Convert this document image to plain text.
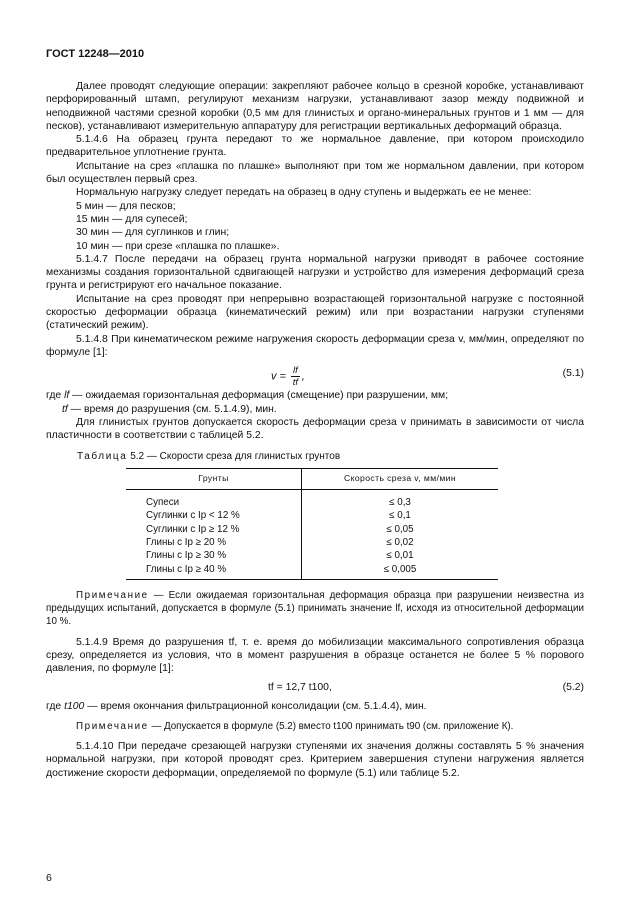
ГОСТ 12248—2010

Далее проводят следующие операции: закрепляют рабочее кольцо в срезной коробке, устанавливают перфорированный штамп, регулируют механизм нагрузки, устанавливают зазор между подвижной и неподвижной частями срезной коробки (0,5 мм для глинистых и органо-минеральных грунтов и 1 мм — для песков), устанавливают измерительную аппаратуру для регистрации вертикальных деформаций образца.

5.1.4.6 На образец грунта передают то же нормальное давление, при котором происходило предварительное уплотнение грунта.

Испытание на срез «плашка по плашке» выполняют при том же нормальном давлении, при котором был осуществлен первый срез.

Нормальную нагрузку следует передать на образец в одну ступень и выдержать ее не менее:

5 мин — для песков;

15 мин — для супесей;

30 мин — для суглинков и глин;

10 мин — при срезе «плашка по плашке».

5.1.4.7 После передачи на образец грунта нормальной нагрузки приводят в рабочее состояние механизмы создания горизонтальной сдвигающей нагрузки и устройство для измерения деформаций среза грунта и регистрируют его начальное показание.

Испытание на срез проводят при непрерывно возрастающей горизонтальной нагрузке с постоянной скоростью деформации образца (кинематический режим) или при возрастании нагрузки ступенями (статический режим).

5.1.4.8 При кинематическом режиме нагружения скорость деформации среза v, мм/мин, определяют по формуле [1]:

$v = \frac{lf}{tf}$ ,	(5.1)

где lf — ожидаемая горизонтальная деформация (смещение) при разрушении, мм;

tf — время до разрушения (см. 5.1.4.9), мин.

Для глинистых грунтов допускается скорость деформации среза v принимать в зависимости от числа пластичности в соответствии с таблицей 5.2.

Таблица 5.2 — Скорости среза для глинистых грунтов
Грунты	Скорость среза v, мм/мин
Супеси	≤ 0,3
Суглинки с Ip < 12 %	≤ 0,1
Суглинки с Ip ≥ 12 %	≤ 0,05
Глины с Ip ≥ 20 %	≤ 0,02
Глины с Ip ≥ 30 %	≤ 0,01
Глины с Ip ≥ 40 %	≤ 0,005

Примечание — Если ожидаемая горизонтальная деформация образца при разрушении неизвестна из предыдущих испытаний, допускается в формуле (5.1) принимать значение lf, исходя из относительной деформации 10 %.

5.1.4.9 Время до разрушения tf, т. е. время до мобилизации максимального сопротивления образца срезу, определяется из условия, что в момент разрушения в образце останется не более 5 % порового давления, по формуле [1]:

tf = 12,7 t100,	(5.2)

где t100 — время окончания фильтрационной консолидации (см. 5.1.4.4), мин.

Примечание — Допускается в формуле (5.2) вместо t100 принимать t90 (см. приложение К).

5.1.4.10 При передаче срезающей нагрузки ступенями их значения должны составлять 5 % значения нормальной нагрузки, при которой проводят срез. Критерием завершения ступени нагружения является достижение скорости деформации, определяемой по формуле (5.1) или таблице 5.2.

6
